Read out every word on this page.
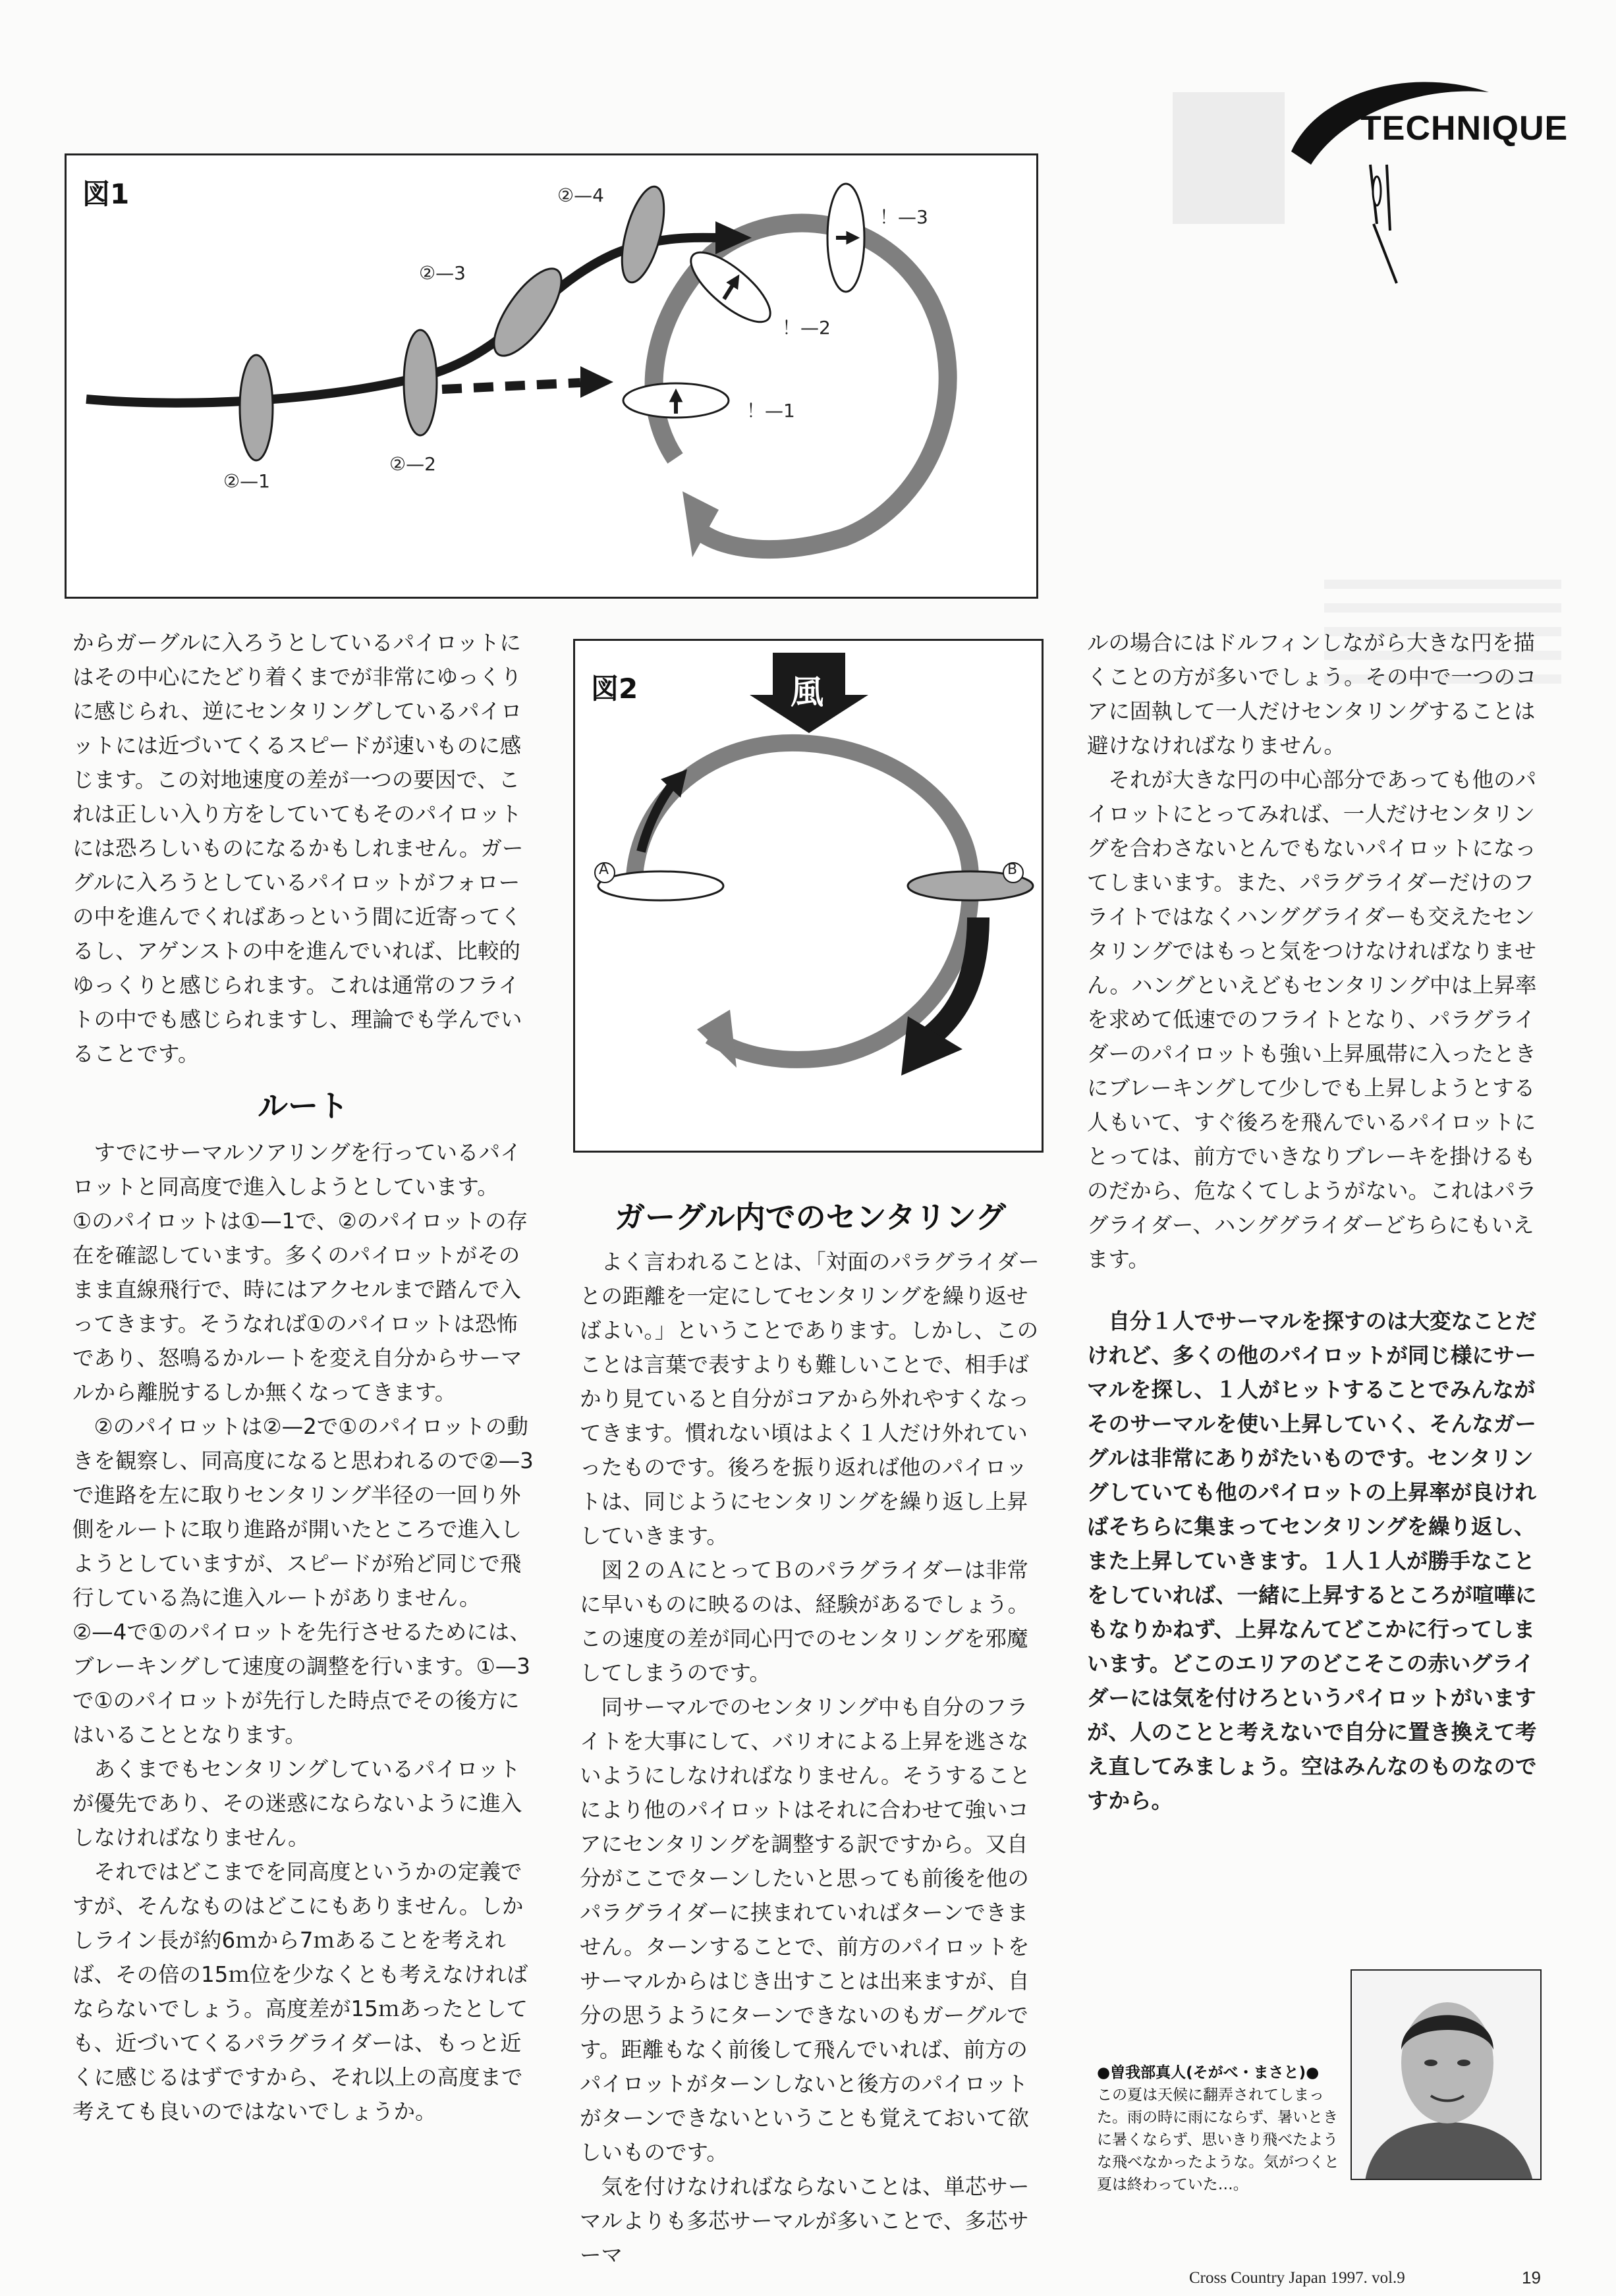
TECHNIQUE
図1
②—1
②—2
②—3
②—4
！—1
！—2
！—3
図2	風
A	B

からガーグルに入ろうとしているパイロットにはその中心にたどり着くまでが非常にゆっくりに感じられ、逆にセンタリングしているパイロットには近づいてくるスピードが速いものに感じます。この対地速度の差が一つの要因で、これは正しい入り方をしていてもそのパイロットには恐ろしいものになるかもしれません。ガーグルに入ろうとしているパイロットがフォローの中を進んでくればあっという間に近寄ってくるし、アゲンストの中を進んでいれば、比較的ゆっくりと感じられます。これは通常のフライトの中でも感じられますし、理論でも学んでいることです。

ルート

すでにサーマルソアリングを行っているパイロットと同高度で進入しようとしています。

①のパイロットは①—1で、②のパイロットの存在を確認しています。多くのパイロットがそのまま直線飛行で、時にはアクセルまで踏んで入ってきます。そうなれば①のパイロットは恐怖であり、怒鳴るかルートを変え自分からサーマルから離脱するしか無くなってきます。

②のパイロットは②—2で①のパイロットの動きを観察し、同高度になると思われるので②—3で進路を左に取りセンタリング半径の一回り外側をルートに取り進路が開いたところで進入しようとしていますが、スピードが殆ど同じで飛行している為に進入ルートがありません。

②—4で①のパイロットを先行させるためには、ブレーキングして速度の調整を行います。①—3で①のパイロットが先行した時点でその後方にはいることとなります。

あくまでもセンタリングしているパイロットが優先であり、その迷惑にならないように進入しなければなりません。

それではどこまでを同高度というかの定義ですが、そんなものはどこにもありません。しかしライン長が約6ｍから7ｍあることを考えれば、その倍の15ｍ位を少なくとも考えなければならないでしょう。高度差が15ｍあったとしても、近づいてくるパラグライダーは、もっと近くに感じるはずですから、それ以上の高度まで考えても良いのではないでしょうか。

ガーグル内でのセンタリング

よく言われることは、「対面のパラグライダーとの距離を一定にしてセンタリングを繰り返せばよい。」ということであります。しかし、このことは言葉で表すよりも難しいことで、相手ばかり見ていると自分がコアから外れやすくなってきます。慣れない頃はよく１人だけ外れていったものです。後ろを振り返れば他のパイロットは、同じようにセンタリングを繰り返し上昇していきます。

図２のＡにとってＢのパラグライダーは非常に早いものに映るのは、経験があるでしょう。この速度の差が同心円でのセンタリングを邪魔してしまうのです。

同サーマルでのセンタリング中も自分のフライトを大事にして、バリオによる上昇を逃さないようにしなければなりません。そうすることにより他のパイロットはそれに合わせて強いコアにセンタリングを調整する訳ですから。又自分がここでターンしたいと思っても前後を他のパラグライダーに挟まれていればターンできません。ターンすることで、前方のパイロットをサーマルからはじき出すことは出来ますが、自分の思うようにターンできないのもガーグルです。距離もなく前後して飛んでいれば、前方のパイロットがターンしないと後方のパイロットがターンできないということも覚えておいて欲しいものです。

気を付けなければならないことは、単芯サーマルよりも多芯サーマルが多いことで、多芯サーマ

ルの場合にはドルフィンしながら大きな円を描くことの方が多いでしょう。その中で一つのコアに固執して一人だけセンタリングすることは避けなければなりません。

それが大きな円の中心部分であっても他のパイロットにとってみれば、一人だけセンタリングを合わさないとんでもないパイロットになってしまいます。また、パラグライダーだけのフライトではなくハンググライダーも交えたセンタリングではもっと気をつけなければなりません。ハングといえどもセンタリング中は上昇率を求めて低速でのフライトとなり、パラグライダーのパイロットも強い上昇風帯に入ったときにブレーキングして少しでも上昇しようとする人もいて、すぐ後ろを飛んでいるパイロットにとっては、前方でいきなりブレーキを掛けるものだから、危なくてしようがない。これはパラグライダー、ハンググライダーどちらにもいえます。

自分１人でサーマルを探すのは大変なことだけれど、多くの他のパイロットが同じ様にサーマルを探し、１人がヒットすることでみんながそのサーマルを使い上昇していく、そんなガーグルは非常にありがたいものです。センタリングしていても他のパイロットの上昇率が良ければそちらに集まってセンタリングを繰り返し、また上昇していきます。１人１人が勝手なことをしていれば、一緒に上昇するところが喧嘩にもなりかねず、上昇なんてどこかに行ってしまいます。どこのエリアのどこそこの赤いグライダーには気を付けろというパイロットがいますが、人のことと考えないで自分に置き換えて考え直してみましょう。空はみんなのものなのですから。

●曽我部真人(そがべ・まさと)●
この夏は天候に翻弄されてしまった。雨の時に雨にならず、暑いときに暑くならず、思いきり飛べたような飛べなかったような。気がつくと夏は終わっていた…。
Cross Country Japan 1997. vol.9	19
